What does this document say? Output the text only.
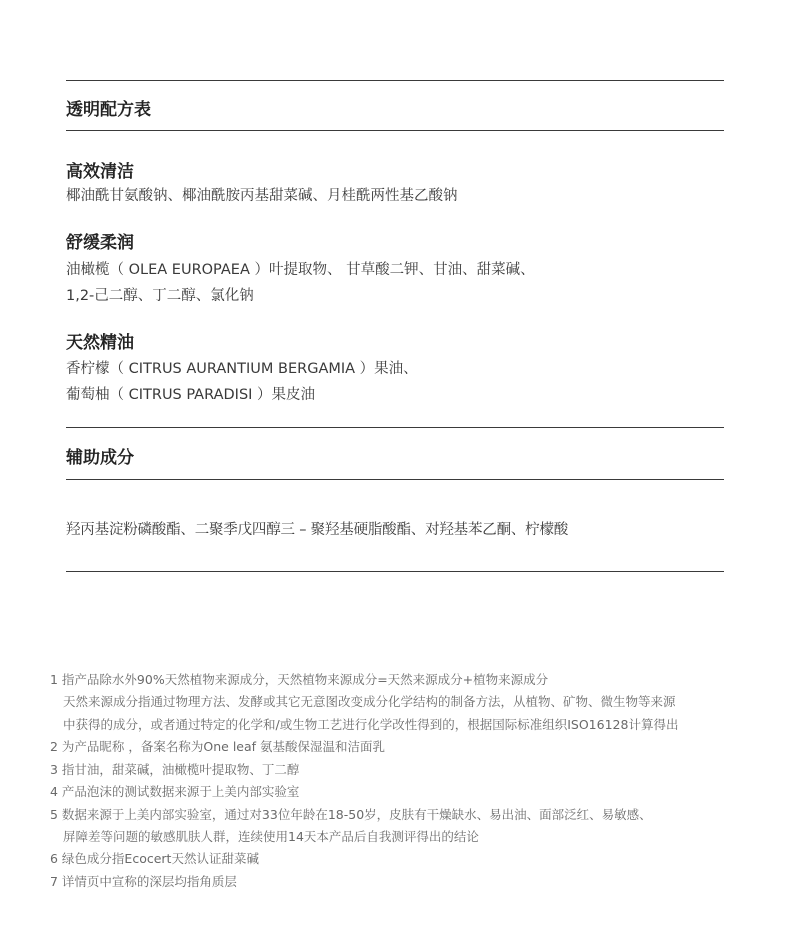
透明配方表
高效清洁
椰油酰甘氨酸钠、椰油酰胺丙基甜菜碱、月桂酰两性基乙酸钠
舒缓柔润
油橄榄（ OLEA EUROPAEA ）叶提取物、 甘草酸二钾、甘油、甜菜碱、
1,2-己二醇、丁二醇、氯化钠
天然精油
香柠檬（ CITRUS AURANTIUM BERGAMIA ）果油、
葡萄柚（ CITRUS PARADISI ）果皮油
辅助成分
羟丙基淀粉磷酸酯、二聚季戊四醇三 – 聚羟基硬脂酸酯、对羟基苯乙酮、柠檬酸
1 指产品除水外90%天然植物来源成分，天然植物来源成分=天然来源成分+植物来源成分
天然来源成分指通过物理方法、发酵或其它无意图改变成分化学结构的制备方法，从植物、矿物、微生物等来源
中获得的成分，或者通过特定的化学和/或生物工艺进行化学改性得到的，根据国际标准组织ISO16128计算得出
2 为产品昵称 ，备案名称为One leaf 氨基酸保湿温和洁面乳
3 指甘油，甜菜碱，油橄榄叶提取物、丁二醇
4 产品泡沫的测试数据来源于上美内部实验室
5 数据来源于上美内部实验室，通过对33位年龄在18-50岁，皮肤有干燥缺水、易出油、面部泛红、易敏感、
屏障差等问题的敏感肌肤人群，连续使用14天本产品后自我测评得出的结论
6 绿色成分指Ecocert天然认证甜菜碱
7 详情页中宣称的深层均指角质层
